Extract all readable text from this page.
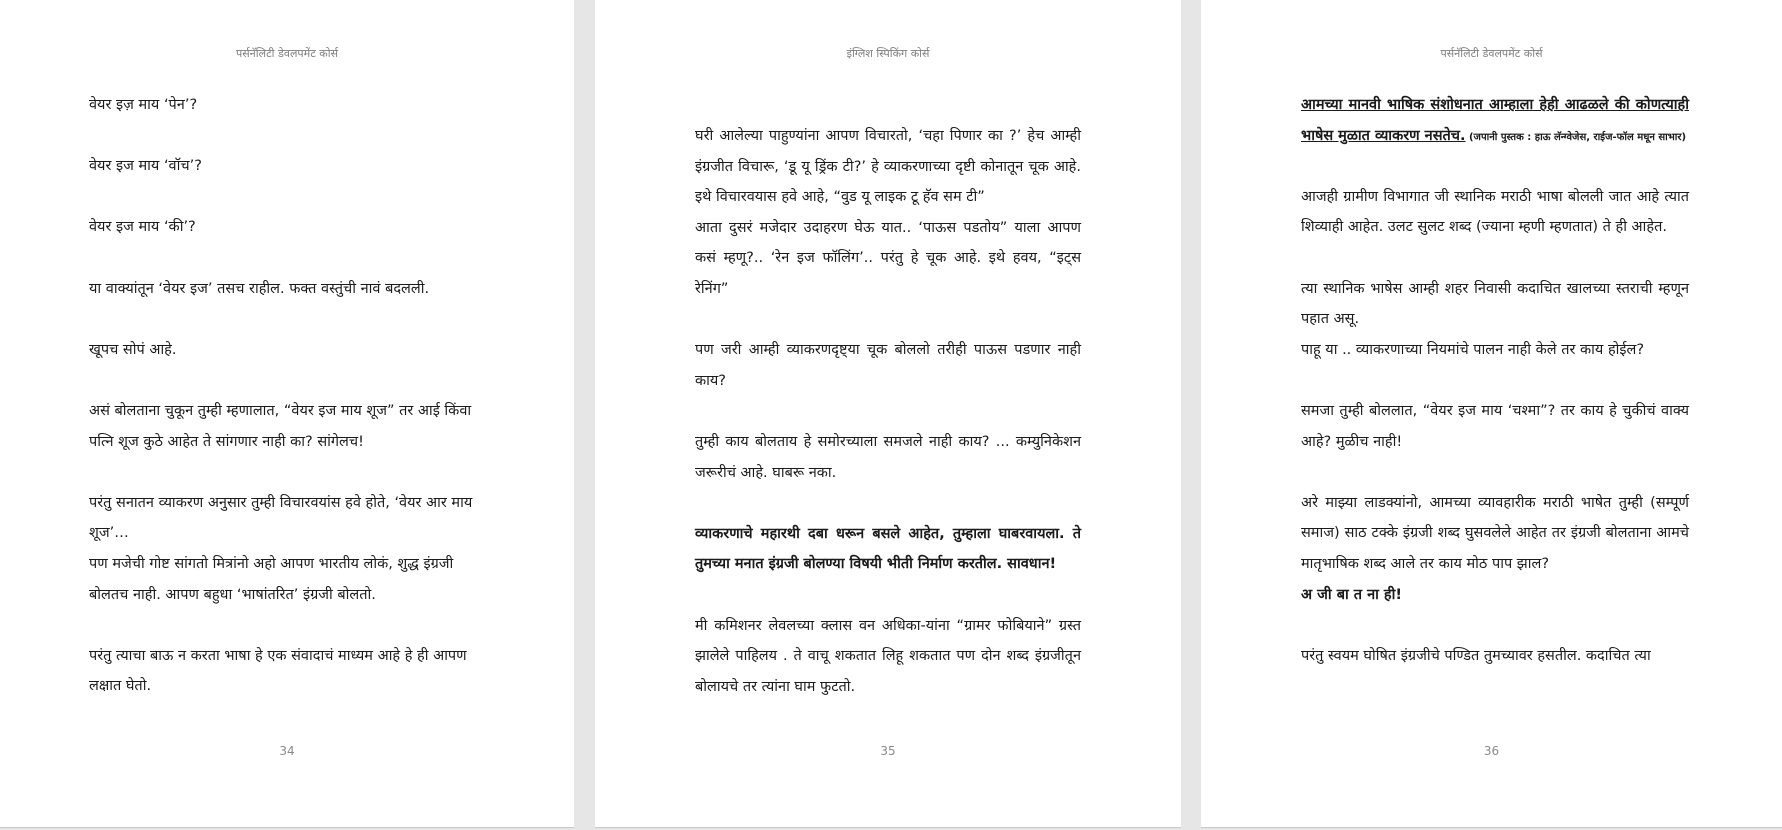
पर्सनॅलिटी डेवलपमेंट कोर्स

वेयर इज़ माय ‘पेन’?

वेयर इज माय ‘वॉच’?

वेयर इज माय ‘की’?

या वाक्यांतून ‘वेयर इज’ तसच राहील. फक्त वस्तुंची नावं बदलली.

खूपच सोपं आहे.

असं बोलताना चुकून तुम्ही म्हणालात, “वेयर इज माय शूज” तर आई किंवा पत्नि शूज कुठे आहेत ते सांगणार नाही का? सांगेलच!

परंतु सनातन व्याकरण अनुसार तुम्ही विचारवयांस हवे होते, ‘वेयर आर माय शूज’…

पण मजेची गोष्ट सांगतो मित्रांनो अहो आपण भारतीय लोकं, शुद्ध इंग्रजी बोलतच नाही. आपण बहुधा ‘भाषांतरित’ इंग्रजी बोलतो.

परंतु त्याचा बाऊ न करता भाषा हे एक संवादाचं माध्यम आहे हे ही आपण लक्षात घेतो.

34
इंग्लिश स्पिकिंग कोर्स

घरी आलेल्या पाहुण्यांना आपण विचारतो, ‘चहा पिणार का ?’ हेच आम्ही इंग्रजीत विचारू, ‘डू यू ड्रिंक टी?’ हे व्याकरणाच्या दृष्टी कोनातून चूक आहे. इथे विचारवयास हवे आहे, “वुड यू लाइक टू हॅव सम टी”

आता दुसरं मजेदार उदाहरण घेऊ यात.. ‘पाऊस पडतोय” याला आपण कसं म्हणू?.. ‘रेन इज फॉलिंग’.. परंतु हे चूक आहे. इथे हवय, “इट्स रेनिंग”

पण जरी आम्ही व्याकरणदृष्ट्या चूक बोललो तरीही पाऊस पडणार नाही काय?

तुम्ही काय बोलताय हे समोरच्याला समजले नाही काय? ... कम्युनिकेशन जरूरीचं आहे. घाबरू नका.

व्याकरणाचे महारथी दबा धरून बसले आहेत, तुम्हाला घाबरवायला. ते तुमच्या मनात इंग्रजी बोलण्या विषयी भीती निर्माण करतील. सावधान!

मी कमिशनर लेवलच्या क्लास वन अधिका-यांना “ग्रामर फोबियाने” ग्रस्त झालेले पाहिलय . ते वाचू शकतात लिहू शकतात पण दोन शब्द इंग्रजीतून बोलायचे तर त्यांना घाम फुटतो.

35
पर्सनॅलिटी डेवलपमेंट कोर्स

आमच्या मानवी भाषिक संशोधनात आम्हाला हेही आढळले की कोणत्याही भाषेस मुळात व्याकरण नसतेच. (जपानी पुस्तक : हाऊ लॅन्ग्वेजेस, राईज-फॉल मधून साभार)

आजही ग्रामीण विभागात जी स्थानिक मराठी भाषा बोलली जात आहे त्यात शिव्याही आहेत. उलट सुलट शब्द (ज्याना म्हणी म्हणतात) ते ही आहेत.

त्या स्थानिक भाषेस आम्ही शहर निवासी कदाचित खालच्या स्तराची म्हणून पहात असू.

पाहू या .. व्याकरणाच्या नियमांचे पालन नाही केले तर काय होईल?

समजा तुम्ही बोललात, “वेयर इज माय ‘चश्मा”? तर काय हे चुकीचं वाक्य आहे? मुळीच नाही!

अरे माझ्या लाडक्यांनो, आमच्या व्यावहारीक मराठी भाषेत तुम्ही (सम्पूर्ण समाज) साठ टक्के इंग्रजी शब्द घुसवलेले आहेत तर इंग्रजी बोलताना आमचे मातृभाषिक शब्द आले तर काय मोठ पाप झाल?

अ जी बा त ना ही!

परंतु स्वयम घोषित इंग्रजीचे पण्डित तुमच्यावर हसतील. कदाचित त्या

36
